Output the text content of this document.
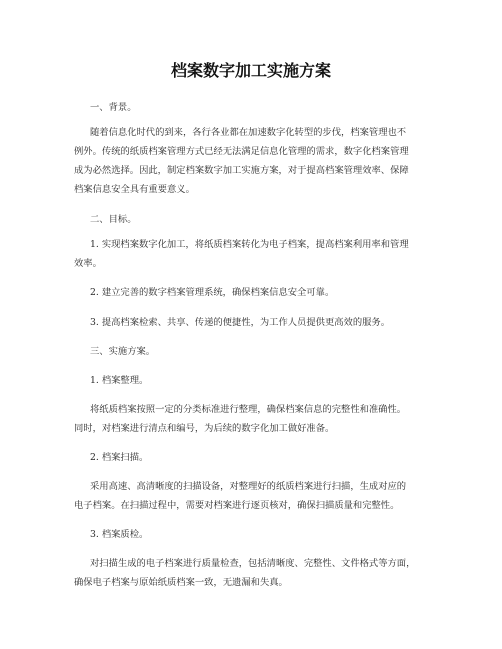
档案数字加工实施方案

一、背景。

随着信息化时代的到来，各行各业都在加速数字化转型的步伐，档案管理也不

例外。传统的纸质档案管理方式已经无法满足信息化管理的需求，数字化档案管理

成为必然选择。因此，制定档案数字加工实施方案，对于提高档案管理效率、保障

档案信息安全具有重要意义。

二、目标。

1. 实现档案数字化加工，将纸质档案转化为电子档案，提高档案利用率和管理

效率。

2. 建立完善的数字档案管理系统，确保档案信息安全可靠。

3. 提高档案检索、共享、传递的便捷性，为工作人员提供更高效的服务。

三、实施方案。

1. 档案整理。

将纸质档案按照一定的分类标准进行整理，确保档案信息的完整性和准确性。

同时，对档案进行清点和编号，为后续的数字化加工做好准备。

2. 档案扫描。

采用高速、高清晰度的扫描设备，对整理好的纸质档案进行扫描，生成对应的

电子档案。在扫描过程中，需要对档案进行逐页核对，确保扫描质量和完整性。

3. 档案质检。

对扫描生成的电子档案进行质量检查，包括清晰度、完整性、文件格式等方面，

确保电子档案与原始纸质档案一致，无遗漏和失真。
